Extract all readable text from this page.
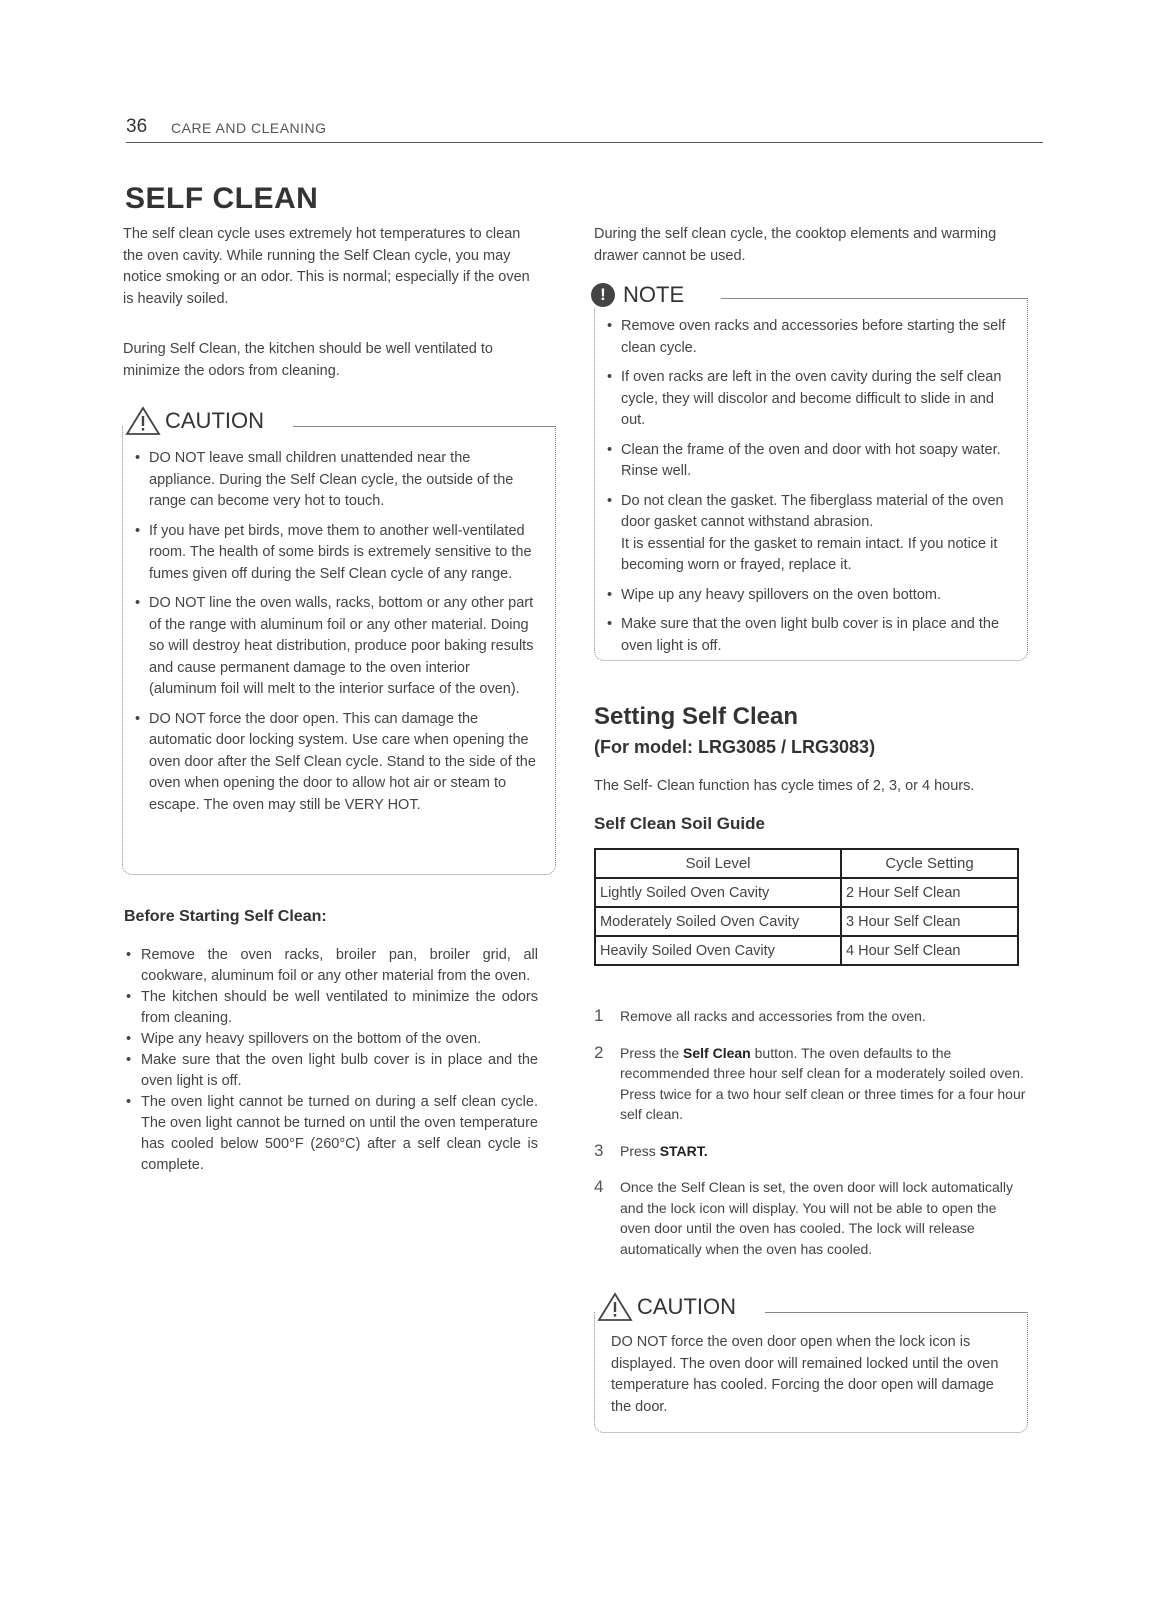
36 CARE AND CLEANING
SELF CLEAN

The self clean cycle uses extremely hot temperatures to clean the oven cavity. While running the Self Clean cycle, you may notice smoking or an odor. This is normal; especially if the oven is heavily soiled.

During Self Clean, the kitchen should be well ventilated to minimize the odors from cleaning.

CAUTION
• DO NOT leave small children unattended near the appliance. During the Self Clean cycle, the outside of the range can become very hot to touch.
• If you have pet birds, move them to another well-ventilated room. The health of some birds is extremely sensitive to the fumes given off during the Self Clean cycle of any range.
• DO NOT line the oven walls, racks, bottom or any other part of the range with aluminum foil or any other material. Doing so will destroy heat distribution, produce poor baking results and cause permanent damage to the oven interior (aluminum foil will melt to the interior surface of the oven).
• DO NOT force the door open. This can damage the automatic door locking system. Use care when opening the oven door after the Self Clean cycle. Stand to the side of the oven when opening the door to allow hot air or steam to escape. The oven may still be VERY HOT.
Before Starting Self Clean:
• Remove the oven racks, broiler pan, broiler grid, all cookware, aluminum foil or any other material from the oven.
• The kitchen should be well ventilated to minimize the odors from cleaning.
• Wipe any heavy spillovers on the bottom of the oven.
• Make sure that the oven light bulb cover is in place and the oven light is off.
• The oven light cannot be turned on during a self clean cycle. The oven light cannot be turned on until the oven temperature has cooled below 500°F (260°C) after a self clean cycle is complete.

During the self clean cycle, the cooktop elements and warming drawer cannot be used.

! NOTE
• Remove oven racks and accessories before starting the self clean cycle.
• If oven racks are left in the oven cavity during the self clean cycle, they will discolor and become difficult to slide in and out.
• Clean the frame of the oven and door with hot soapy water. Rinse well.
• Do not clean the gasket. The fiberglass material of the oven door gasket cannot withstand abrasion.
It is essential for the gasket to remain intact. If you notice it becoming worn or frayed, replace it.
• Wipe up any heavy spillovers on the oven bottom.
• Make sure that the oven light bulb cover is in place and the oven light is off.
Setting Self Clean
(For model: LRG3085 / LRG3083)
The Self- Clean function has cycle times of 2, 3, or 4 hours.
Self Clean Soil Guide
Soil Level	Cycle Setting
Lightly Soiled Oven Cavity	2 Hour Self Clean
Moderately Soiled Oven Cavity	3 Hour Self Clean
Heavily Soiled Oven Cavity	4 Hour Self Clean
1 Remove all racks and accessories from the oven.
2 Press the Self Clean button. The oven defaults to the recommended three hour self clean for a moderately soiled oven. Press twice for a two hour self clean or three times for a four hour self clean.
3 Press START.
4 Once the Self Clean is set, the oven door will lock automatically and the lock icon will display. You will not be able to open the oven door until the oven has cooled. The lock will release automatically when the oven has cooled.
CAUTION

DO NOT force the oven door open when the lock icon is displayed. The oven door will remained locked until the oven temperature has cooled. Forcing the door open will damage the door.
